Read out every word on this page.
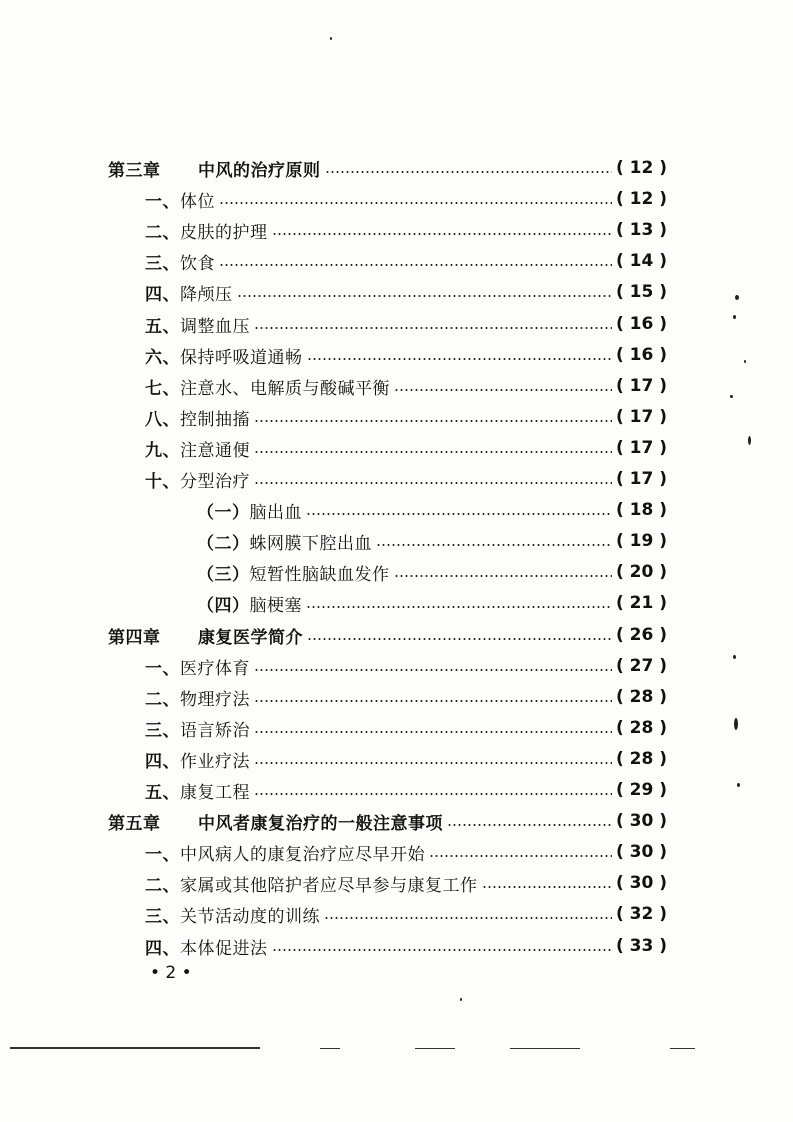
第三章 中风的治疗原则	( 12 )
一、体位	( 12 )
二、皮肤的护理	( 13 )
三、饮食	( 14 )
四、降颅压	( 15 )
五、调整血压	( 16 )
六、保持呼吸道通畅	( 16 )
七、注意水、电解质与酸碱平衡	( 17 )
八、控制抽搐	( 17 )
九、注意通便	( 17 )
十、分型治疗	( 17 )
（一）脑出血	( 18 )
（二）蛛网膜下腔出血	( 19 )
（三）短暂性脑缺血发作	( 20 )
（四）脑梗塞	( 21 )
第四章 康复医学简介	( 26 )
一、医疗体育	( 27 )
二、物理疗法	( 28 )
三、语言矫治	( 28 )
四、作业疗法	( 28 )
五、康复工程	( 29 )
第五章 中风者康复治疗的一般注意事项	( 30 )
一、中风病人的康复治疗应尽早开始	( 30 )
二、家属或其他陪护者应尽早参与康复工作	( 30 )
三、关节活动度的训练	( 32 )
四、本体促进法	( 33 )
• 2 •
